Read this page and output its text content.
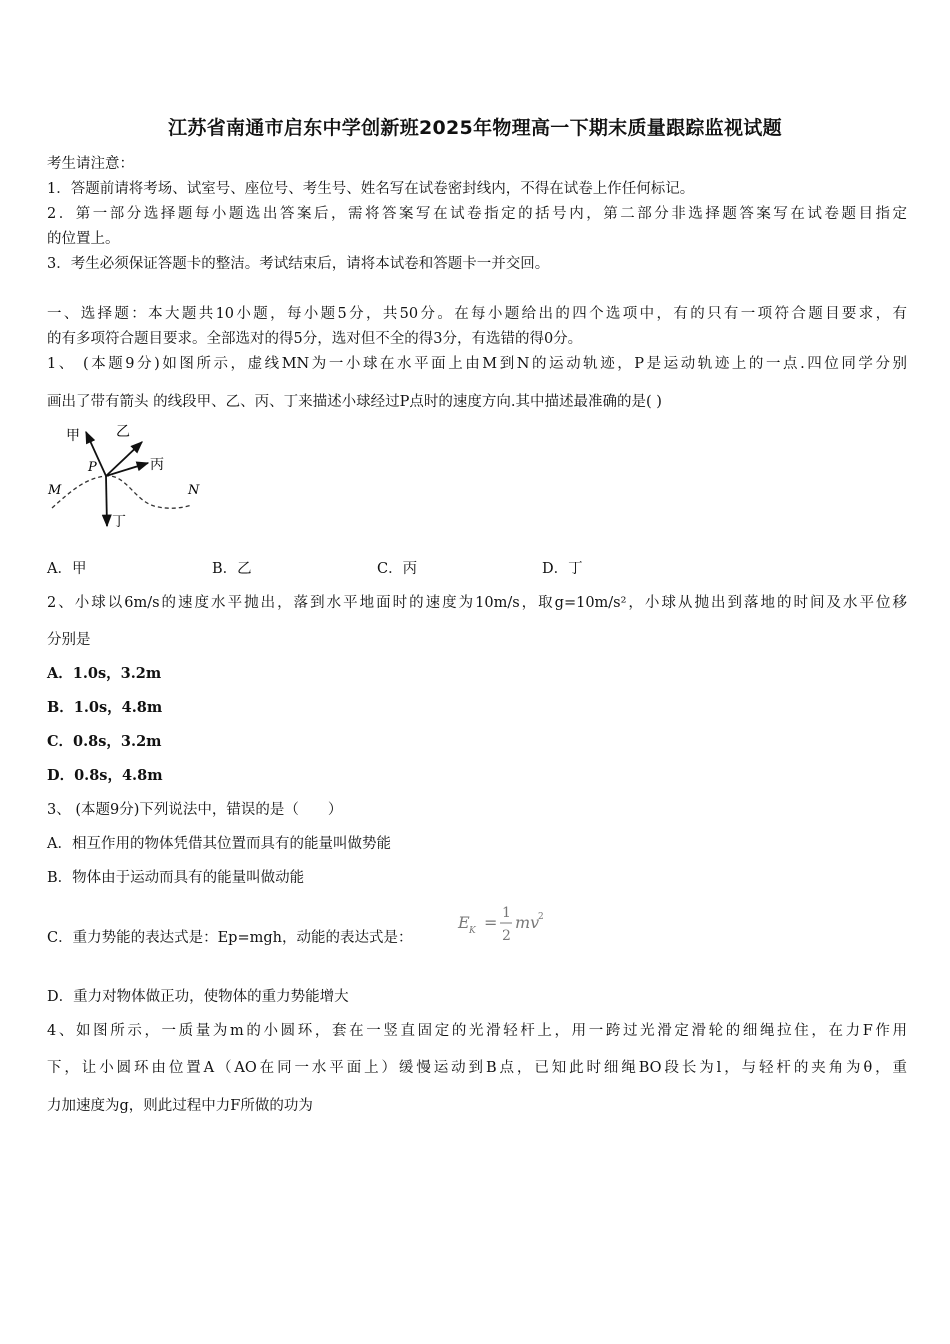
江苏省南通市启东中学创新班2025年物理高一下期末质量跟踪监视试题
考生请注意：
1．答题前请将考场、试室号、座位号、考生号、姓名写在试卷密封线内，不得在试卷上作任何标记。
2．第一部分选择题每小题选出答案后，需将答案写在试卷指定的括号内，第二部分非选择题答案写在试卷题目指定
的位置上。
3．考生必须保证答题卡的整洁。考试结束后，请将本试卷和答题卡一并交回。
一、选择题：本大题共10小题，每小题5分，共50分。在每小题给出的四个选项中，有的只有一项符合题目要求，有
的有多项符合题目要求。全部选对的得5分，选对但不全的得3分，有选错的得0分。
1、 (本题9分)如图所示，虚线MN为一小球在水平面上由M到N的运动轨迹，P是运动轨迹上的一点.四位同学分别
画出了带有箭头 的线段甲、乙、丙、丁来描述小球经过P点时的速度方向.其中描述最准确的是( )
甲	乙
丙
丁
P
M	N
A．甲	B．乙	C．丙	D．丁
2、小球以6m/s的速度水平抛出，落到水平地面时的速度为10m/s，取g=10m/s²，小球从抛出到落地的时间及水平位移
分别是
A．1.0s，3.2m
B．1.0s，4.8m
C．0.8s，3.2m
D．0.8s，4.8m
3、 (本题9分)下列说法中，错误的是（　　）
A．相互作用的物体凭借其位置而具有的能量叫做势能
B．物体由于运动而具有的能量叫做动能
C．重力势能的表达式是：Ep=mgh，动能的表达式是：
E K = 1
2
mv
2
D．重力对物体做正功，使物体的重力势能增大
4、如图所示，一质量为m的小圆环，套在一竖直固定的光滑轻杆上，用一跨过光滑定滑轮的细绳拉住，在力F作用
下，让小圆环由位置A（AO在同一水平面上）缓慢运动到B点，已知此时细绳BO段长为l，与轻杆的夹角为θ，重
力加速度为g，则此过程中力F所做的功为
